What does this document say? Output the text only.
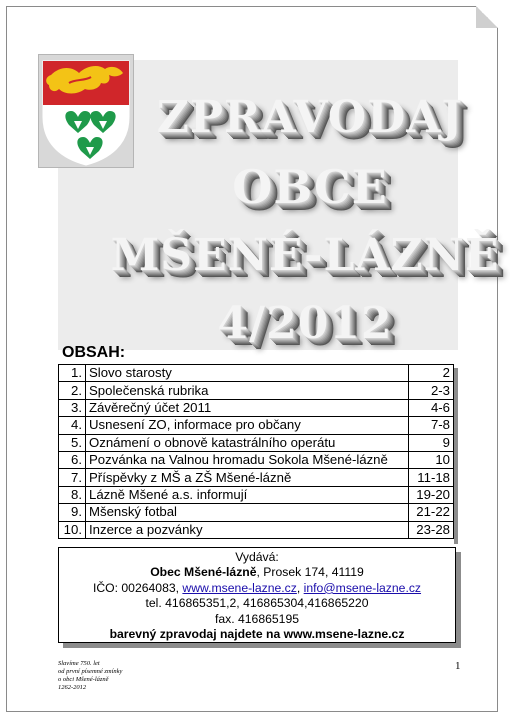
ZPRAVODAJ
OBCE
MŠENÉ-LÁZNĚ
4/2012
OBSAH:
1.	Slovo starosty	2
2.	Společenská rubrika	2-3
3.	Závěrečný účet 2011	4-6
4.	Usnesení ZO, informace pro občany	7-8
5.	Oznámení o obnově katastrálního operátu	9
6.	Pozvánka na Valnou hromadu Sokola Mšené-lázně	10
7.	Příspěvky z MŠ a ZŠ Mšené-lázně	11-18
8.	Lázně Mšené a.s. informují	19-20
9.	Mšenský fotbal	21-22
10.	Inzerce a pozvánky	23-28
Vydává:
Obec Mšené-lázně, Prosek 174, 41119
IČO: 00264083, www.msene-lazne.cz, info@msene-lazne.cz
tel. 416865351,2, 416865304,416865220
fax. 416865195
barevný zpravodaj najdete na www.msene-lazne.cz
Slavíme 750. let
od první písemné zmínky
o obci Mšené-lázně
1262-2012
1
